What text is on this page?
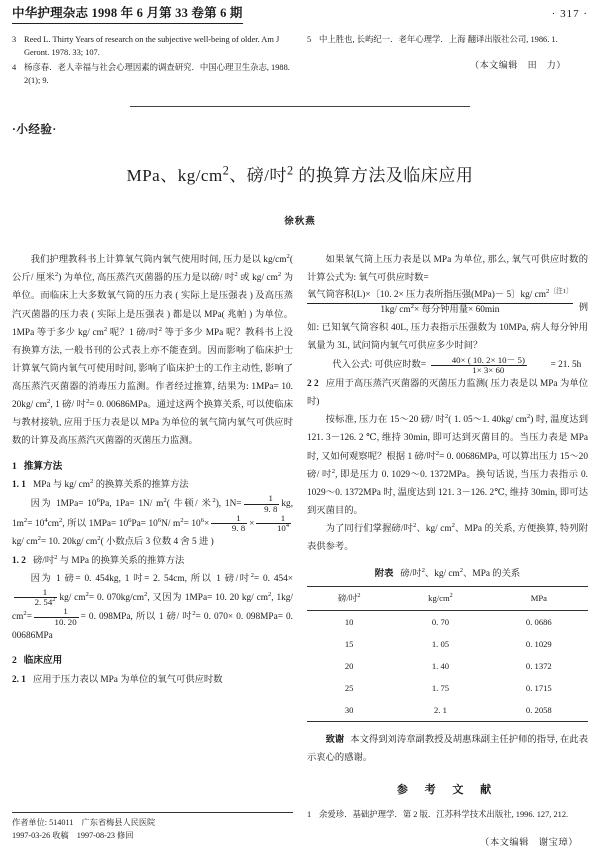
中华护理杂志 1998 年 6 月第 33 卷第 6 期	· 317 ·
3 Reed L. Thirty Years of research on the subjective well-being of older. Am J Geront. 1978. 33; 107.
4 杨彦春．老人幸福与社会心理因素的调查研究．中国心理卫生杂志, 1988. 2(1); 9.
5 中上胜也, 长屿纪一．老年心理学．上海 翻译出版社公司, 1986. 1.
（本文编辑　田　力）
·小经验·
MPa、$kg/cm^2$、磅/吋$^2$ 的换算方法及临床应用
徐秋燕

我们护理教科书上计算氧气筒内氧气使用时间, 压力是以 $kg/cm^2$( 公斤/ 厘米$^2$) 为单位, 高压蒸汽灭菌器的压力是以磅/ 吋$^2$ 或 kg/ $cm^2$ 为单位。而临床上大多数氧气筒的压力表 ( 实际上是压强表 ) 及高压蒸汽灭菌器的压力表 ( 实际上是压强表 ) 都是以 MPa( 兆帕 ) 为单位。1MPa 等于多少 kg/ $cm^2$ 呢？1 磅/吋$^2$ 等于多少 MPa 呢？教科书上没有换算方法, 一般书刊的公式表上亦不能查到。因而影响了临床护士计算氧气筒内氧气可使用时间, 影响了临床护士的工作主动性, 影响了高压蒸汽灭菌器的消毒压力监测。作者经过推算, 结果为: 1MPa= 10. 20kg/ $cm^2$, 1 磅/ 吋$^2$= 0. 00686MPa。通过这两个换算关系, 可以使临床与教材接轨, 应用于压力表是以 MPa 为单位的氧气筒内氧气可供应时数的计算及高压蒸汽灭菌器的灭菌压力监测。

1 推算方法
1. 1 MPa 与 kg/ $cm^2$ 的换算关系的推算方法

因为 $1MPa= 10^6Pa$, 1Pa= 1N/ $m^2$( 牛顿/ 米$^2$), $1N= \frac{1}{9. 8}$ kg, $1m^2= 10^4cm^2$, 所以 $1MPa= 10^6Pa= 10^6N/$ $m^2= 10^6\times \frac{1}{9. 8} \times \frac{1}{10^4}$
kg/ $cm^2= 10$. 20kg/ $cm^2$( 小数点后 3 位数 4 舍 5 进 )

1. 2 磅/吋$^2$ 与 MPa 的换算关系的推算方法

因为 1 磅= 0. 454kg, 1 吋= 2. 54cm, 所以 1 磅/吋$^2$= 0. 454×
$\frac{1}{2. 54^2} kg/$ $cm^2= 0$. $070kg/cm^2$, 又因为 1MPa= 10. 20 kg/ $cm^2$, 1kg/ $cm^2= \frac{1}{10. 20} = 0$. 098MPa, 所以 1 磅/ 吋$^2$= 0. 070× 0. 098MPa= 0. 00686MPa

2 临床应用
2. 1 应用于压力表以 MPa 为单位的氧气可供应时数

如果氧气筒上压力表是以 MPa 为单位, 那么, 氧气可供应时数的计算公式为: 氧气可供应时数=

氧气筒容积(L)×〔10. 2× 压力表所指压强(MPa)－ 5〕kg/ $cm^{2〔注1〕}$
1kg/ $cm^2\times$ 每分钟用量× 60min	例

如: 已知氧气筒容积 40L, 压力表指示压强数为 10MPa, 病人每分钟用氧量为 3L, 试问筒内氧气可供应多少时间？

代入公式: 可供应时数= $\frac{40\times ( 10. 2\times 10- 5)}{1\times 3\times 60}$	= 21. 5h
2 2 应用于高压蒸汽灭菌器的灭菌压力监测( 压力表是以 MPa 为单位时)

按标准, 压力在 15～20 磅/ 吋$^2$( 1. 05～1. 40kg/ $cm^2$) 时, 温度达到 121. 3－126. 2 ℃, 维持 30min, 即可达到灭菌目的。当压力表是 MPa 时, 又如何观察呢？根据 1 磅/吋$^2$= 0. 00686MPa, 可以算出压力 15～20 磅/ 吋$^2$, 即是压力 0. 1029～0. 1372MPa。换句话说, 当压力表指示 0. 1029～0. 1372MPa 时, 温度达到 121. 3－126. 2℃, 维持 30min, 即可达到灭菌目的。

为了同行们掌握磅/吋$^2$、kg/ $cm^2$、MPa 的关系, 方便换算, 特列附表供参考。

附表 磅/吋$^2$、kg/ $cm^2$、MPa 的关系
磅/吋$^2$	$kg/cm^2$	MPa
10	0. 70	0. 0686
15	1. 05	0. 1029
20	1. 40	0. 1372
25	1. 75	0. 1715
30	2. 1	0. 2058

致谢 本文得到刘涛章副教授及胡惠珠副主任护师的指导, 在此表示衷心的感谢。

参 考 文 献
1 余爱珍．基础护理学．第 2 版．江苏科学技术出版社, 1996. 127, 212.
（本文编辑　谢宝璋）
作者单位: 514011　广东省梅县人民医院
1997-03-26 收稿　1997-08-23 修回
